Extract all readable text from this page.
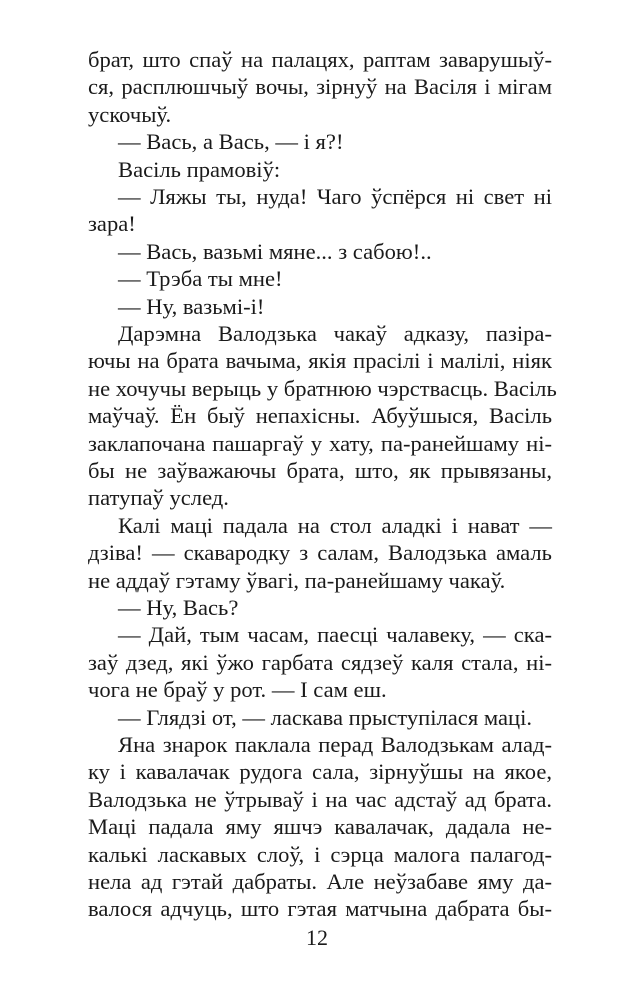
брат, што спаў на палацях, раптам заварушыў-
ся, расплюшчыў вочы, зірнуў на Васіля і мігам
ускочыў.
— Вась, а Вась, — і я?!
Васіль прамовіў:
— Ляжы ты, нуда! Чаго ўспёрся ні свет ні
зара!
— Вась, вазьмі мяне... з сабою!..
— Трэба ты мне!
— Ну, вазьмі-і!
Дарэмна Валодзька чакаў адказу, пазіра-
ючы на брата вачыма, якія прасілі і малілі, ніяк
не хочучы верыць у братнюю чэрствасць. Васіль
маўчаў. Ён быў непахісны. Абуўшыся, Васіль
заклапочана пашаргаў у хату, па-ранейшаму ні-
бы не заўважаючы брата, што, як прывязаны,
патупаў услед.
Калі маці падала на стол аладкі і нават —
дзіва! — скавародку з салам, Валодзька амаль
не аддаў гэтаму ўвагі, па-ранейшаму чакаў.
— Ну, Вась?
— Дай, тым часам, паесці чалавеку, — ска-
заў дзед, які ўжо гарбата сядзеў каля стала, ні-
чога не браў у рот. — І сам еш.
— Глядзі от, — ласкава прыступілася маці.
Яна знарок паклала перад Валодзькам алад-
ку і кавалачак рудога сала, зірнуўшы на якое,
Валодзька не ўтрываў і на час адстаў ад брата.
Маці падала яму яшчэ кавалачак, дадала не-
калькі ласкавых слоў, і сэрца малога палагод-
нела ад гэтай дабраты. Але неўзабаве яму да-
валося адчуць, што гэтая матчына дабрата бы-
12
